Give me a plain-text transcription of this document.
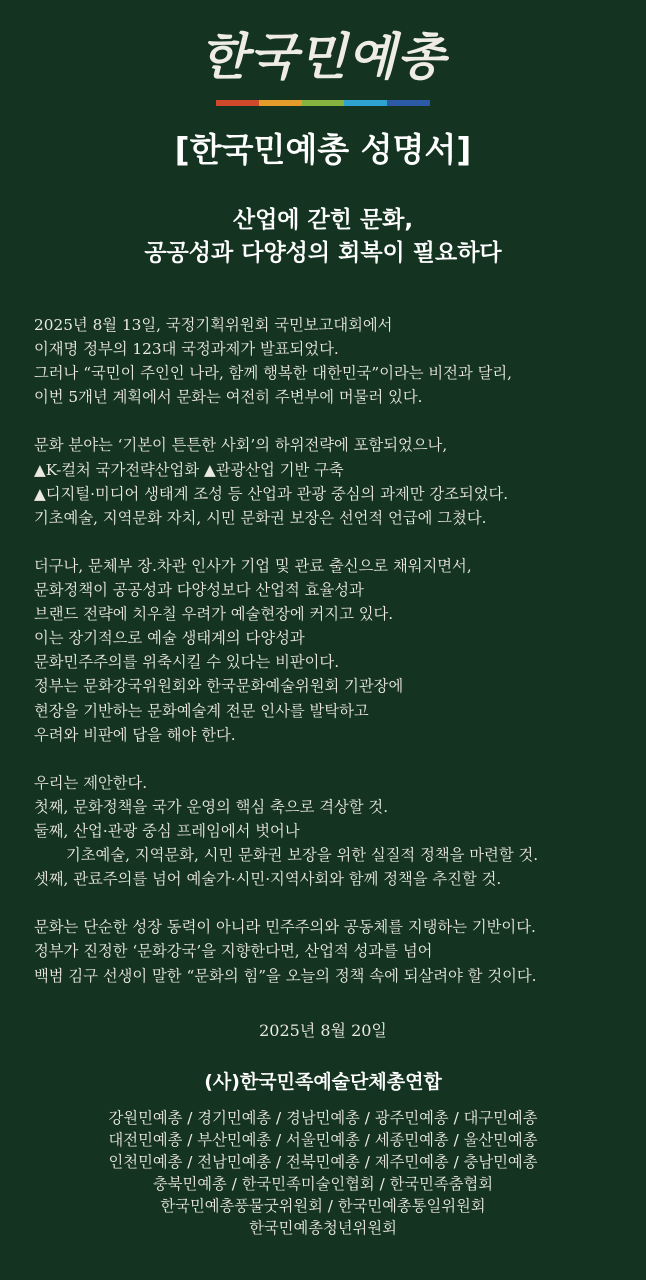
한국민예총
[한국민예총 성명서]
산업에 갇힌 문화,
공공성과 다양성의 회복이 필요하다
2025년 8월 13일, 국정기획위원회 국민보고대회에서
이재명 정부의 123대 국정과제가 발표되었다.
그러나 “국민이 주인인 나라, 함께 행복한 대한민국”이라는 비전과 달리,
이번 5개년 계획에서 문화는 여전히 주변부에 머물러 있다.
문화 분야는 ‘기본이 튼튼한 사회’의 하위전략에 포함되었으나,
▲K-컬처 국가전략산업화 ▲관광산업 기반 구축
▲디지털·미디어 생태계 조성 등 산업과 관광 중심의 과제만 강조되었다.
기초예술, 지역문화 자치, 시민 문화권 보장은 선언적 언급에 그쳤다.
더구나, 문체부 장.차관 인사가 기업 및 관료 출신으로 채워지면서,
문화정책이 공공성과 다양성보다 산업적 효율성과
브랜드 전략에 치우칠 우려가 예술현장에 커지고 있다.
이는 장기적으로 예술 생태계의 다양성과
문화민주주의를 위축시킬 수 있다는 비판이다.
정부는 문화강국위원회와 한국문화예술위원회 기관장에
현장을 기반하는 문화예술계 전문 인사를 발탁하고
우려와 비판에 답을 해야 한다.
우리는 제안한다.
첫째, 문화정책을 국가 운영의 핵심 축으로 격상할 것.
둘째, 산업·관광 중심 프레임에서 벗어나
기초예술, 지역문화, 시민 문화권 보장을 위한 실질적 정책을 마련할 것.
셋째, 관료주의를 넘어 예술가·시민·지역사회와 함께 정책을 추진할 것.
문화는 단순한 성장 동력이 아니라 민주주의와 공동체를 지탱하는 기반이다.
정부가 진정한 ‘문화강국’을 지향한다면, 산업적 성과를 넘어
백범 김구 선생이 말한 “문화의 힘”을 오늘의 정책 속에 되살려야 할 것이다.
2025년 8월 20일
(사)한국민족예술단체총연합
강원민예총 / 경기민예총 / 경남민예총 / 광주민예총 / 대구민예총
대전민예총 / 부산민예총 / 서울민예총 / 세종민예총 / 울산민예총
인천민예총 / 전남민예총 / 전북민예총 / 제주민예총 / 충남민예총
충북민예총 / 한국민족미술인협회 / 한국민족춤협회
한국민예총풍물굿위원회 / 한국민예총통일위원회
한국민예총청년위원회
